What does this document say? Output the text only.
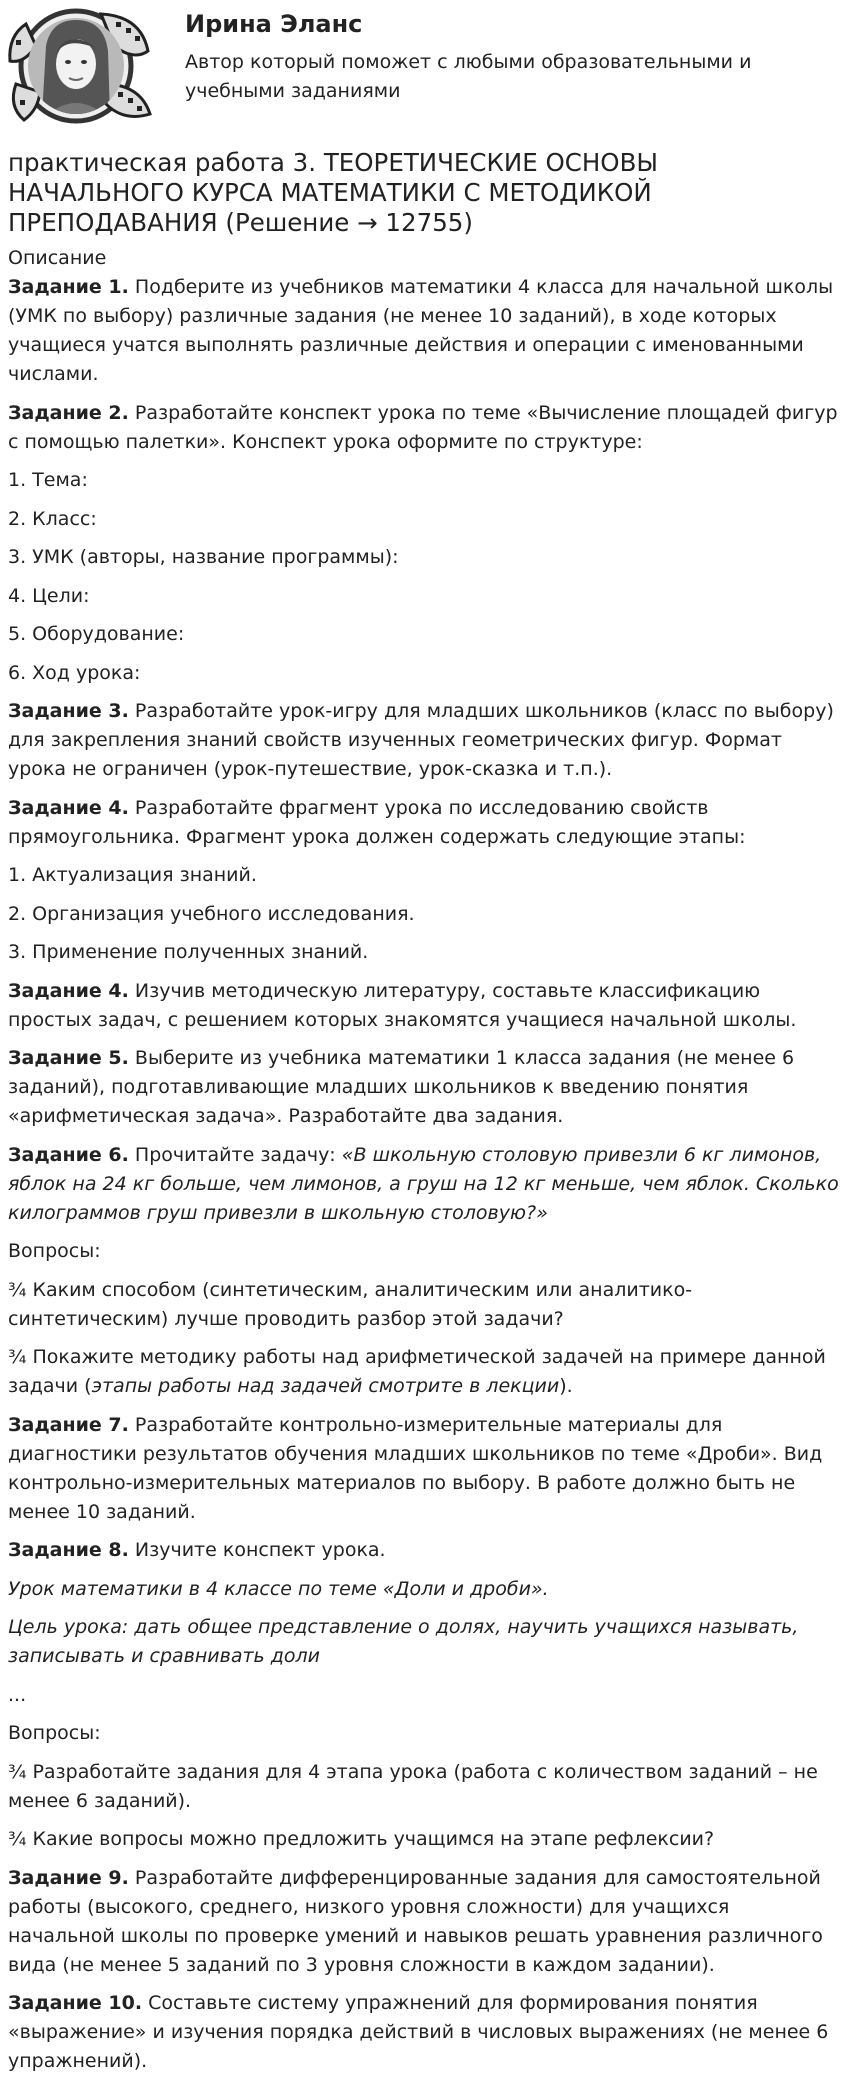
Ирина Эланс
Автор который поможет с любыми образовательными и учебными заданиями
практическая работа 3. ТЕОРЕТИЧЕСКИЕ ОСНОВЫ НАЧАЛЬНОГО КУРСА МАТЕМАТИКИ С МЕТОДИКОЙ ПРЕПОДАВАНИЯ (Решение → 12755)
Описание
Задание 1. Подберите из учебников математики 4 класса для начальной школы (УМК по выбору) различные задания (не менее 10 заданий), в ходе которых учащиеся учатся выполнять различные действия и операции с именованными числами.
Задание 2. Разработайте конспект урока по теме «Вычисление площадей фигур с помощью палетки». Конспект урока оформите по структуре:
1. Тема:
2. Класс:
3. УМК (авторы, название программы):
4. Цели:
5. Оборудование:
6. Ход урока:
Задание 3. Разработайте урок-игру для младших школьников (класс по выбору) для закрепления знаний свойств изученных геометрических фигур. Формат урока не ограничен (урок-путешествие, урок-сказка и т.п.).
Задание 4. Разработайте фрагмент урока по исследованию свойств прямоугольника. Фрагмент урока должен содержать следующие этапы:
1. Актуализация знаний.
2. Организация учебного исследования.
3. Применение полученных знаний.
Задание 4. Изучив методическую литературу, составьте классификацию простых задач, с решением которых знакомятся учащиеся начальной школы.
Задание 5. Выберите из учебника математики 1 класса задания (не менее 6 заданий), подготавливающие младших школьников к введению понятия «арифметическая задача». Разработайте два задания.
Задание 6. Прочитайте задачу: «В школьную столовую привезли 6 кг лимонов, яблок на 24 кг больше, чем лимонов, а груш на 12 кг меньше, чем яблок. Сколько килограммов груш привезли в школьную столовую?»
Вопросы:
¾ Каким способом (синтетическим, аналитическим или аналитико-синтетическим) лучше проводить разбор этой задачи?
¾ Покажите методику работы над арифметической задачей на примере данной задачи (этапы работы над задачей смотрите в лекции).
Задание 7. Разработайте контрольно-измерительные материалы для диагностики результатов обучения младших школьников по теме «Дроби». Вид контрольно-измерительных материалов по выбору. В работе должно быть не менее 10 заданий.
Задание 8. Изучите конспект урока.
Урок математики в 4 классе по теме «Доли и дроби».
Цель урока: дать общее представление о долях, научить учащихся называть, записывать и сравнивать доли
...
Вопросы:
¾ Разработайте задания для 4 этапа урока (работа с количеством заданий – не менее 6 заданий).
¾ Какие вопросы можно предложить учащимся на этапе рефлексии?
Задание 9. Разработайте дифференцированные задания для самостоятельной работы (высокого, среднего, низкого уровня сложности) для учащихся начальной школы по проверке умений и навыков решать уравнения различного вида (не менее 5 заданий по 3 уровня сложности в каждом задании).
Задание 10. Составьте систему упражнений для формирования понятия «выражение» и изучения порядка действий в числовых выражениях (не менее 6 упражнений).
